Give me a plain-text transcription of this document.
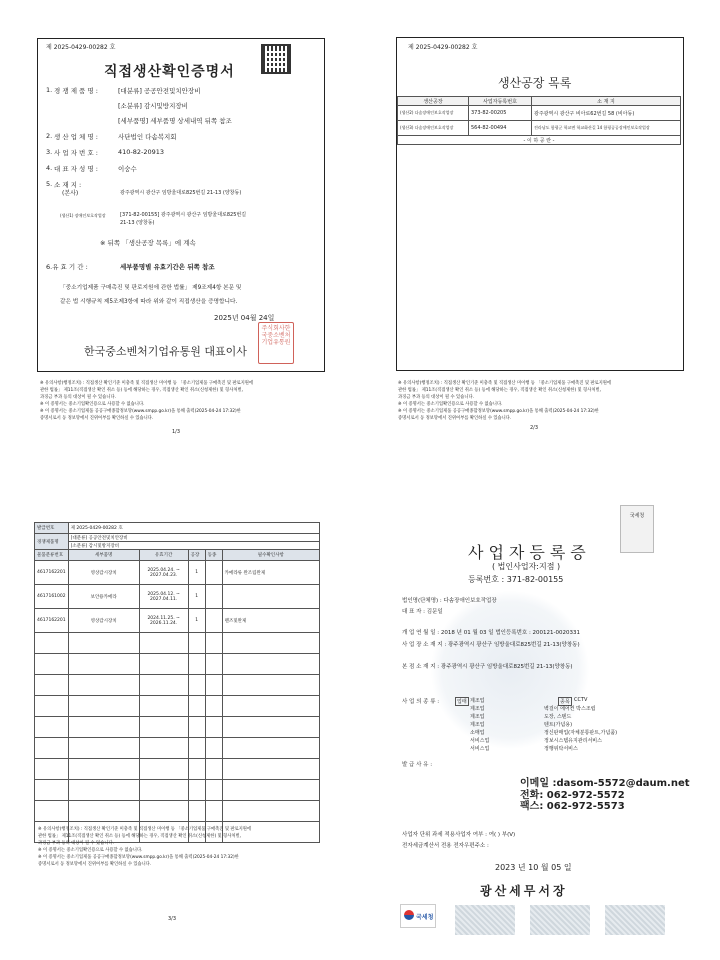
제 2025-0429-00282 호
직접생산확인증명서
1. 경 쟁 제 품 명 :	[대분류] 공공안전및치안장비
[소분류] 감시및방지장비
[세부품명] 세부품명 상세내역 뒤쪽 참조
2. 생 산 업 체 명 :	사단법인 다솜복지회
3. 사 업 자 번 호 :	410-82-20913
4. 대 표 자 성 명 :	이숭수
5. 소 재 지 :
(본사)	광주광역시 광산구 임방울대로825번길 21-13 (양창동)
(생산1) 장애인보호작업장	[371-82-00155] 광주광역시 광산구 임방울대로825번길
21-13 (양창동)
※ 뒤쪽 「생산공장 목록」에 계속
6.유 효 기 간 :	세부품명별 유효기간은 뒤쪽 참조
「중소기업제품 구매촉진 및 판로지원에 관한 법률」 제9조제4항 본문 및
같은 법 시행규칙 제5조제3항에 따라 위와 같이 직접생산을 증명합니다.
2025년 04월 24일
한국중소벤처기업유통원 대표이사
주식회사한국중소벤처기업유통원
※ 유의사항(행정조치) : 직접생산 확인기준 미충족 및 직접생산 미이행 등 「중소기업제품 구매촉진 및 판로지원에
관한 법률」 제11조(직접생산 확인 취소 등) 등에 해당하는 경우, 직접생산 확인 취소(신청제한) 및 형사처벌,
과징금 부과 등의 대상이 될 수 있습니다.
※ 이 증명서는 중소기업확인용으로 사용할 수 없습니다.
※ 이 증명서는 중소기업제품 공공구매종합정보망(www.smpp.go.kr)을 통해 출력(2025-04-24 17:32)한
증명서로서 동 정보망에서 진위여부를 확인하실 수 있습니다.
1/3
제 2025-0429-00282 호
생산공장 목록
생산공장	사업자등록번호	소 재 지
(생산2) 다솜장애인보호작업장	373-82-00205	광주광역시 광산구 비아로62번길 58 (비아동)
(생산3) 다솜장애인보호작업장	564-82-00494	전라남도 함평군 학교면 학교화산길 14 함평공공장애인보호작업장
- 이 하 공 란 -		
※ 유의사항(행정조치) : 직접생산 확인기준 미충족 및 직접생산 미이행 등 「중소기업제품 구매촉진 및 판로지원에
관한 법률」 제11조(직접생산 확인 취소 등) 등에 해당하는 경우, 직접생산 확인 취소(신청제한) 및 형사처벌,
과징금 부과 등의 대상이 될 수 있습니다.
※ 이 증명서는 중소기업확인용으로 사용할 수 없습니다.
※ 이 증명서는 중소기업제품 공공구매종합정보망(www.smpp.go.kr)을 통해 출력(2025-04-24 17:32)한
증명서로서 동 정보망에서 진위여부를 확인하실 수 있습니다.
2/3
발급번호	제 2025-0429-00282 호				
경쟁제품명	[대분류] 공공안전및치안장비				
	[소분류] 감시및방지장비				
물품분류번호	세부품명	유효기간	공장	동종	필수확인사항
4617162201	영상감시장치	2025.04.24. ~ 2027.04.23.	1		카메라류 완조립완제
4617161002	보안용카메라	2025.04.12. ~ 2027.04.11.	1		
4617162201	영상감시장치	2024.11.25. ~ 2026.11.24.	1		렌즈및완제

※ 유의사항(행정조치) : 직접생산 확인기준 미충족 및 직접생산 미이행 등 「중소기업제품 구매촉진 및 판로지원에
관한 법률」 제11조(직접생산 확인 취소 등) 등에 해당하는 경우, 직접생산 확인 취소(신청제한) 및 형사처벌,
과징금 부과 등의 대상이 될 수 있습니다.
※ 이 증명서는 중소기업확인용으로 사용할 수 없습니다.
※ 이 증명서는 중소기업제품 공공구매종합정보망(www.smpp.go.kr)을 통해 출력(2025-04-24 17:32)한
증명서로서 동 정보망에서 진위여부를 확인하실 수 있습니다.
3/3
국세청
사업자등록증
( 법인사업자:지점 )
등록번호 : 371-82-00155
법인명(단체명) : 다솜장애인보호작업장
대 표 자 : 김문일
개 업 연 월 일 : 2018 년 01 월 03 일 법인등록번호 : 200121-0020331
사 업 장 소 재 지 : 광주광역시 광산구 임방울대로825번길 21-13(양창동)
본 점 소 재 지 : 광주광역시 광산구 임방울대로825번길 21-13(양창동)
사 업 의 종 류 :	업태	종목
제조업	CCTV
제조업	벽걸이 에어컨 박스조립
제조업	도장, 스텐드
제조업	텐트(가념용)
소매업	정신판매업(자체분통판트,가념품)
서비스업	정보시스템유지관리서비스
서비스업	정행위탁서비스
발 급 사 유 :
이메일 :dasom-5572@daum.net
전화: 062-972-5572
팩스: 062-972-5573
사업자 단위 과세 적용사업자 여부 : 여( ) 부(V)
전자세금계산서 전용 전자우편주소 :
2023 년 10 월 05 일
광산세무서장
국세청
